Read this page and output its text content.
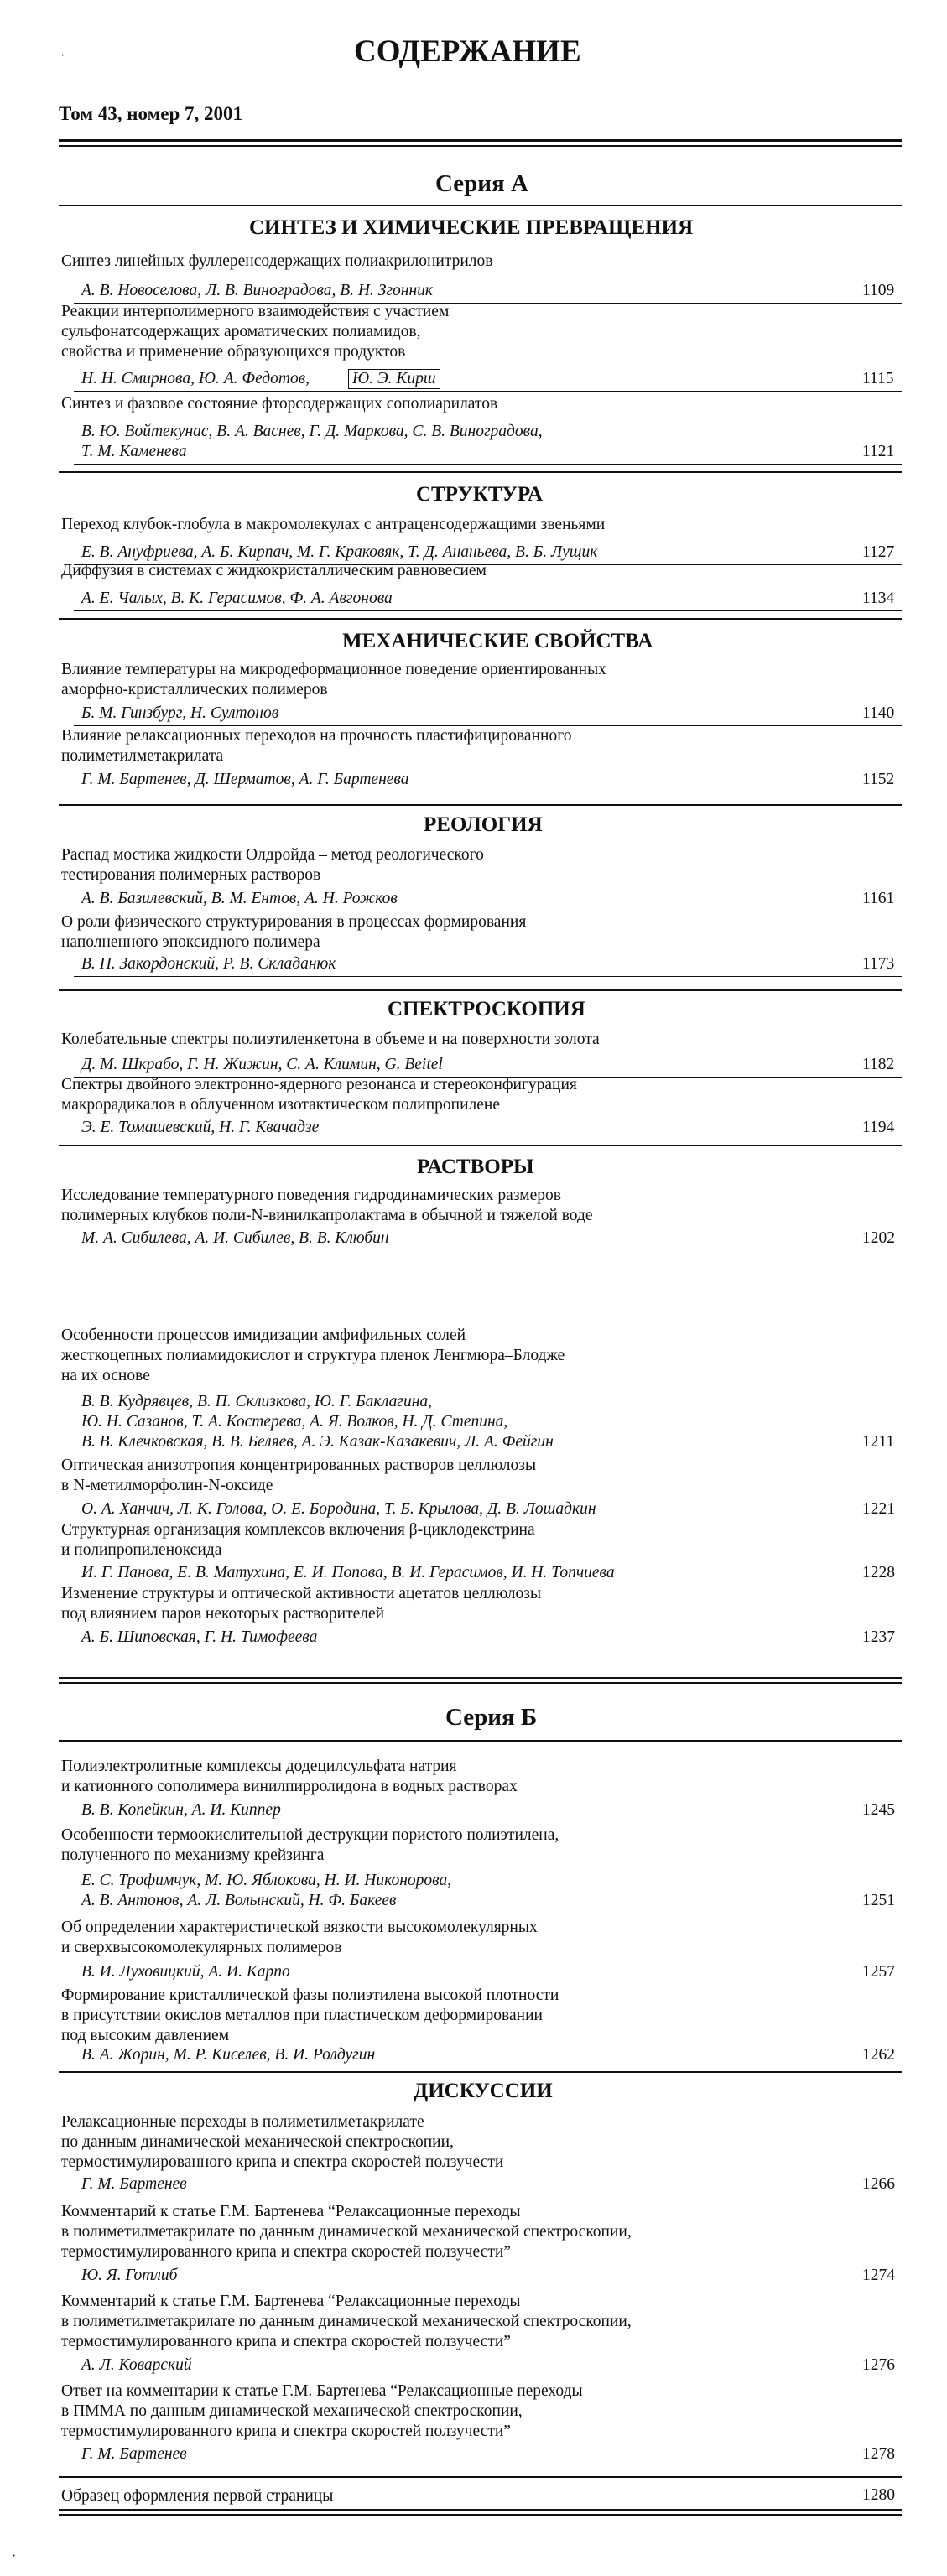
·	СОДЕРЖАНИЕ
Том 43, номер 7, 2001
Серия А
СИНТЕЗ И ХИМИЧЕСКИЕ ПРЕВРАЩЕНИЯ
СТРУКТУРА
МЕХАНИЧЕСКИЕ СВОЙСТВА
РЕОЛОГИЯ
СПЕКТРОСКОПИЯ
РАСТВОРЫ
Серия Б
ДИСКУССИИ
·
Синтез линейных фуллеренсодержащих полиакрилонитрилов
А. В. Новоселова, Л. В. Виноградова, В. Н. Згонник	1109
Реакции интерполимерного взаимодействия с участием
сульфонатсодержащих ароматических полиамидов,
свойства и применение образующихся продуктов
Н. Н. Смирнова, Ю. А. Федотов,	Ю. Э. Кирш	1115
Синтез и фазовое состояние фторсодержащих сополиарилатов
В. Ю. Войтекунас, В. А. Васнев, Г. Д. Маркова, С. В. Виноградова,
Т. М. Каменева	1121
Переход клубок-глобула в макромолекулах с антраценсодержащими звеньями
Е. В. Ануфриева, А. Б. Кирпач, М. Г. Краковяк, Т. Д. Ананьева, В. Б. Лущик	1127
Диффузия в системах с жидкокристаллическим равновесием
А. Е. Чалых, В. К. Герасимов, Ф. А. Авгонова	1134
Влияние температуры на микродеформационное поведение ориентированных
аморфно-кристаллических полимеров
Б. М. Гинзбург, Н. Султонов	1140
Влияние релаксационных переходов на прочность пластифицированного
полиметилметакрилата
Г. М. Бартенев, Д. Шерматов, А. Г. Бартенева	1152
Распад мостика жидкости Олдройда – метод реологического
тестирования полимерных растворов
А. В. Базилевский, В. М. Ентов, А. Н. Рожков	1161
О роли физического структурирования в процессах формирования
наполненного эпоксидного полимера
В. П. Закордонский, Р. В. Складанюк	1173
Колебательные спектры полиэтиленкетона в объеме и на поверхности золота
Д. М. Шкрабо, Г. Н. Жижин, С. А. Климин, G. Beitel	1182
Спектры двойного электронно-ядерного резонанса и стереоконфигурация
макрорадикалов в облученном изотактическом полипропилене
Э. Е. Томашевский, Н. Г. Квачадзе	1194
Исследование температурного поведения гидродинамических размеров
полимерных клубков поли-N-винилкапролактама в обычной и тяжелой воде
М. А. Сибилева, А. И. Сибилев, В. В. Клюбин	1202
Особенности процессов имидизации амфифильных солей
жесткоцепных полиамидокислот и структура пленок Ленгмюра–Блодже
на их основе
В. В. Кудрявцев, В. П. Склизкова, Ю. Г. Баклагина,
Ю. Н. Сазанов, Т. А. Костерева, А. Я. Волков, Н. Д. Степина,
В. В. Клечковская, В. В. Беляев, А. Э. Казак-Казакевич, Л. А. Фейгин	1211
Оптическая анизотропия концентрированных растворов целлюлозы
в N-метилморфолин-N-оксиде
О. А. Ханчич, Л. К. Голова, О. Е. Бородина, Т. Б. Крылова, Д. В. Лошадкин	1221
Структурная организация комплексов включения β-циклодекстрина
и полипропиленоксида
И. Г. Панова, Е. В. Матухина, Е. И. Попова, В. И. Герасимов, И. Н. Топчиева	1228
Изменение структуры и оптической активности ацетатов целлюлозы
под влиянием паров некоторых растворителей
А. Б. Шиповская, Г. Н. Тимофеева	1237
Полиэлектролитные комплексы додецилсульфата натрия
и катионного сополимера винилпирролидона в водных растворах
В. В. Копейкин, А. И. Киппер	1245
Особенности термоокислительной деструкции пористого полиэтилена,
полученного по механизму крейзинга
Е. С. Трофимчук, М. Ю. Яблокова, Н. И. Никонорова,
А. В. Антонов, А. Л. Волынский, Н. Ф. Бакеев	1251
Об определении характеристической вязкости высокомолекулярных
и сверхвысокомолекулярных полимеров
В. И. Луховицкий, А. И. Карпо	1257
Формирование кристаллической фазы полиэтилена высокой плотности
в присутствии окислов металлов при пластическом деформировании
под высоким давлением
В. А. Жорин, М. Р. Киселев, В. И. Ролдугин	1262
Релаксационные переходы в полиметилметакрилате
по данным динамической механической спектроскопии,
термостимулированного крипа и спектра скоростей ползучести
Г. М. Бартенев	1266
Комментарий к статье Г.М. Бартенева “Релаксационные переходы
в полиметилметакрилате по данным динамической механической спектроскопии,
термостимулированного крипа и спектра скоростей ползучести”
Ю. Я. Готлиб	1274
Комментарий к статье Г.М. Бартенева “Релаксационные переходы
в полиметилметакрилате по данным динамической механической спектроскопии,
термостимулированного крипа и спектра скоростей ползучести”
А. Л. Коварский	1276
Ответ на комментарии к статье Г.М. Бартенева “Релаксационные переходы
в ПММА по данным динамической механической спектроскопии,
термостимулированного крипа и спектра скоростей ползучести”
Г. М. Бартенев	1278
Образец оформления первой страницы	1280
